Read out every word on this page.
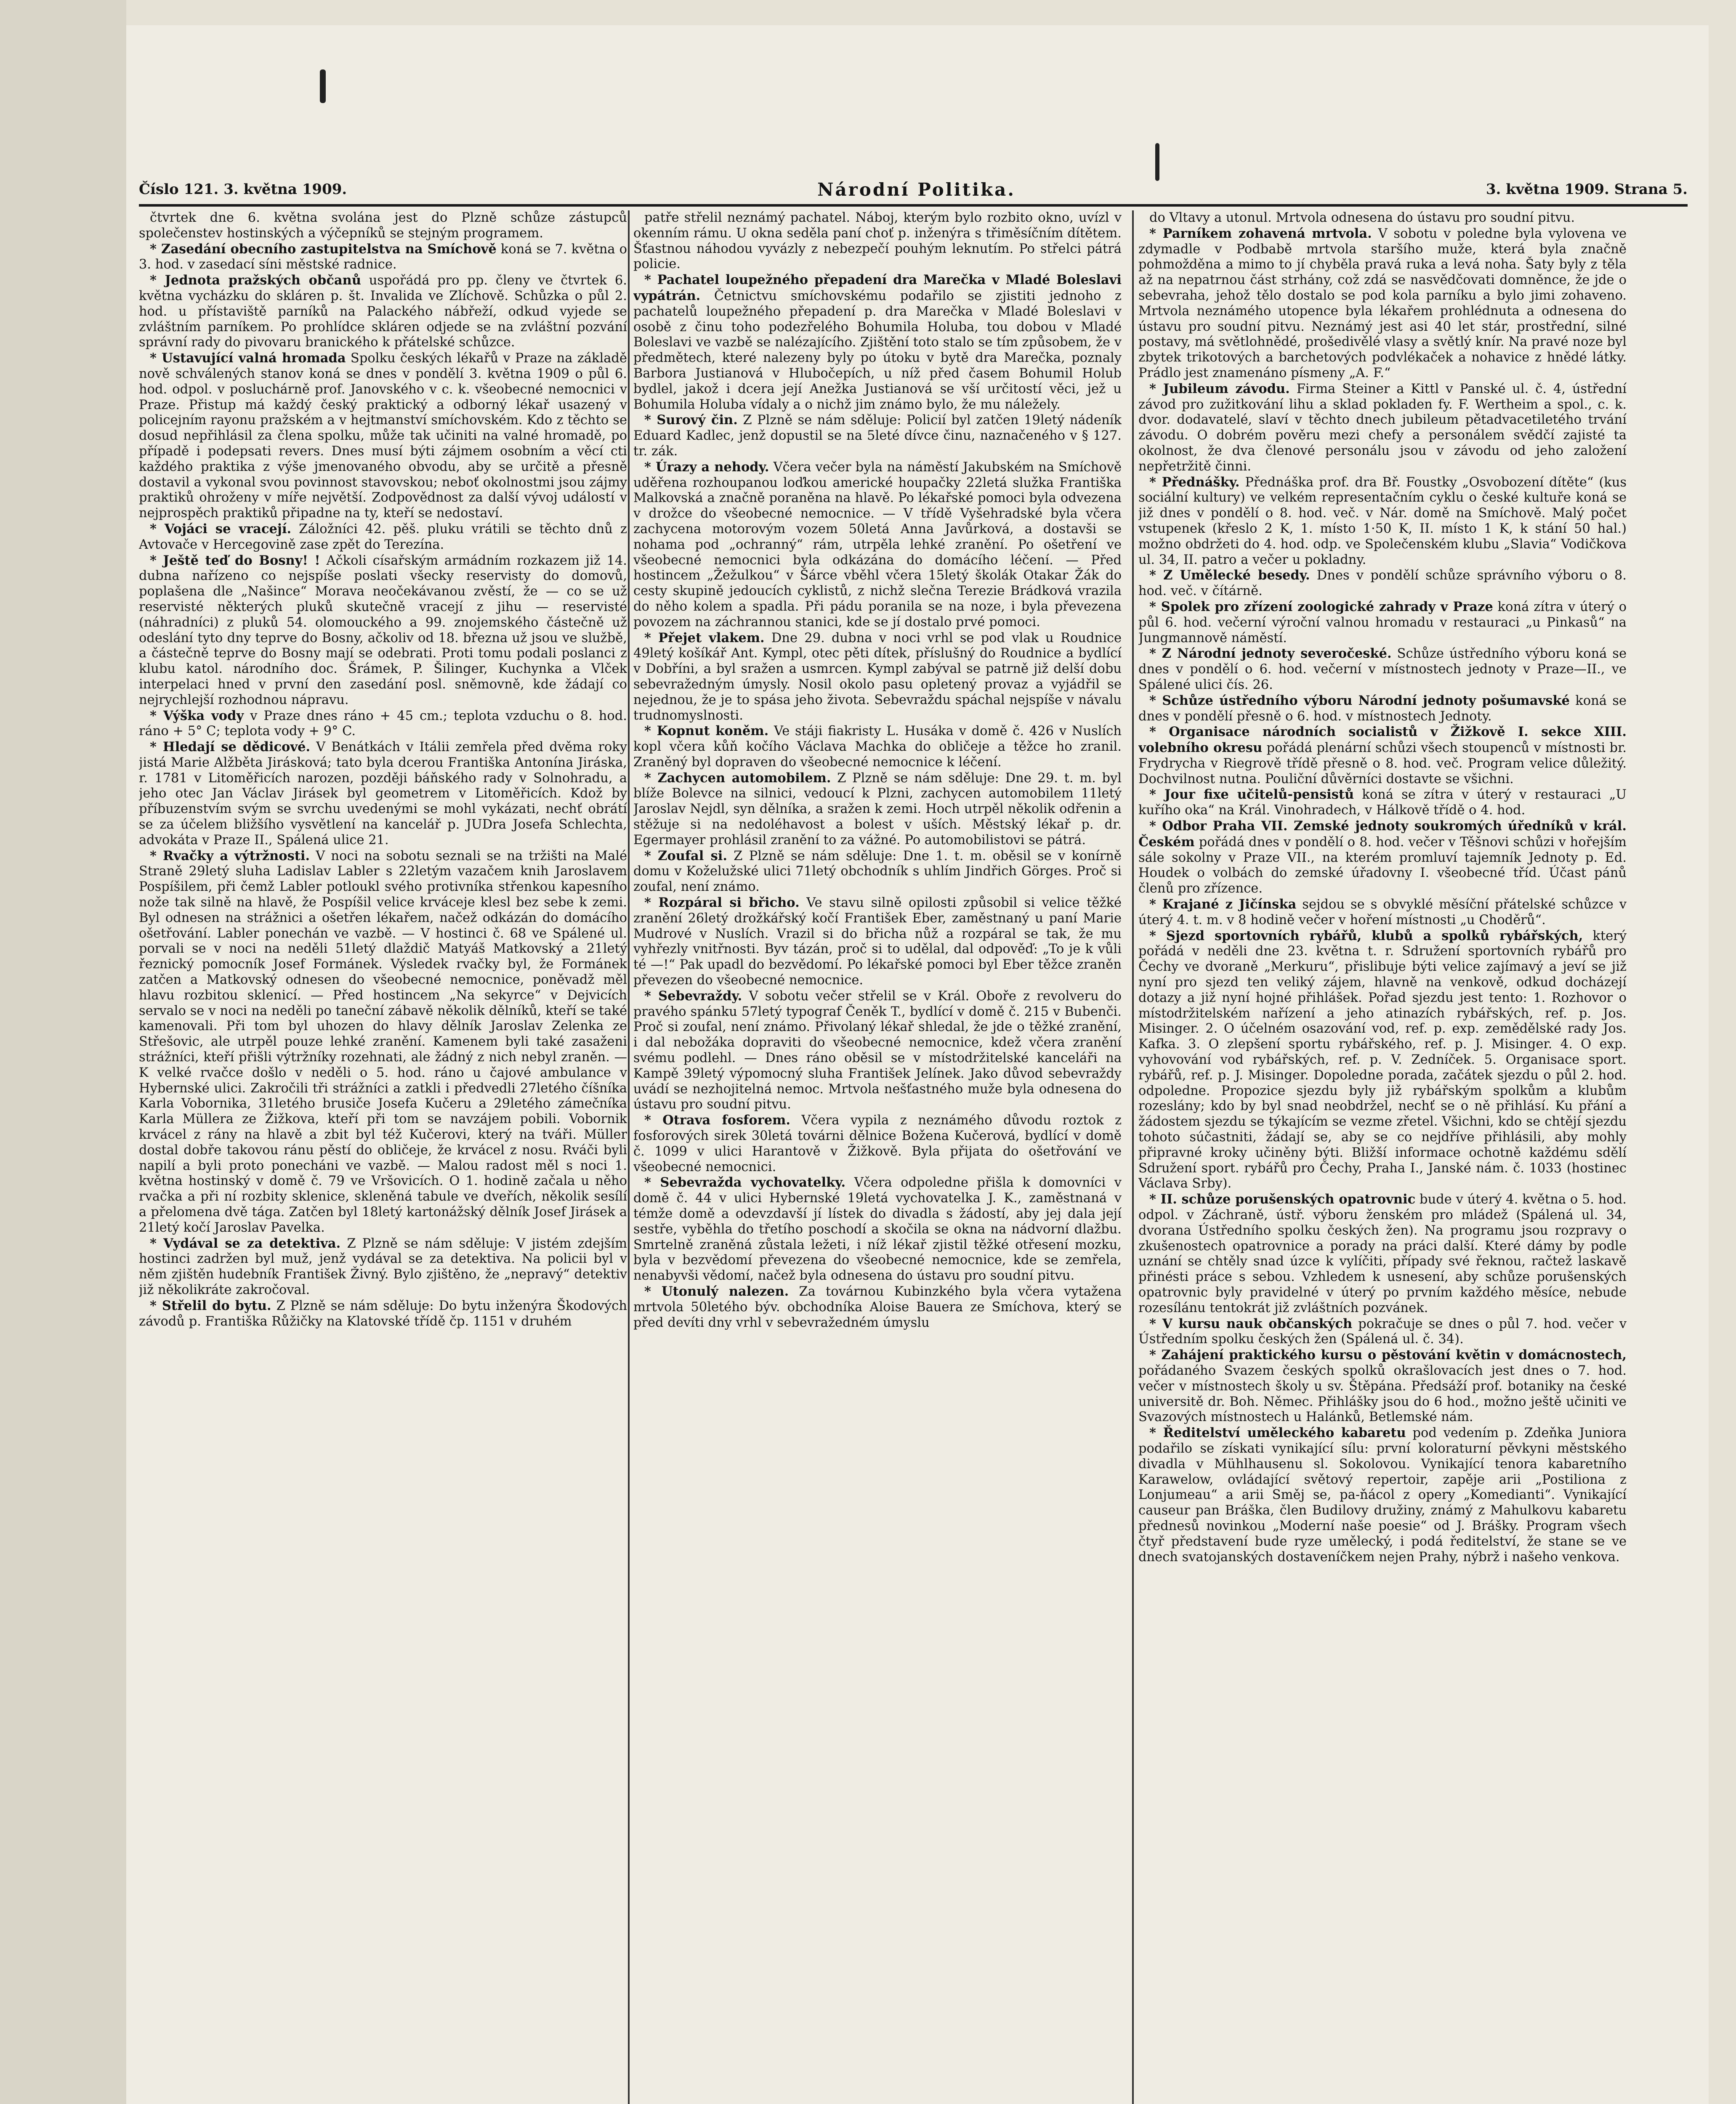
Číslo 121. 3. května 1909.	Národní Politika.	3. května 1909. Strana 5.

čtvrtek dne 6. května svolána jest do Plzně schůze zástupců společenstev hostinských a výčepníků se stejným programem.

* Zasedání obecního zastupitelstva na Smíchově koná se 7. května o 3. hod. v zasedací síni městské radnice.

* Jednota pražských občanů uspořádá pro pp. členy ve čtvrtek 6. května vycházku do skláren p. št. Invalida ve Zlíchově. Schůzka o půl 2. hod. u přístaviště parníků na Palackého nábřeží, odkud vyjede se zvláštním parníkem. Po prohlídce skláren odjede se na zvláštní pozvání správní rady do pivovaru branického k přátelské schůzce.

* Ustavující valná hromada Spolku českých lékařů v Praze na základě nově schválených stanov koná se dnes v pondělí 3. května 1909 o půl 6. hod. odpol. v posluchárně prof. Janovského v c. k. všeobecné nemocnici v Praze. Přistup má každý český praktický a odborný lékař usazený v policejním rayonu pražském a v hejtmanství smíchovském. Kdo z těchto se dosud nepřihlásil za člena spolku, může tak učiniti na valné hromadě, po případě i podepsati revers. Dnes musí býti zájmem osobním a věcí cti každého praktika z výše jmenovaného obvodu, aby se určitě a přesně dostavil a vykonal svou povinnost stavovskou; neboť okolnostmi jsou zájmy praktiků ohroženy v míře největší. Zodpovědnost za další vývoj událostí v nejprospěch praktiků připadne na ty, kteří se nedostaví.

* Vojáci se vracejí. Záložníci 42. pěš. pluku vrátili se těchto dnů z Avtovače v Hercegovině zase zpět do Terezína.

* Ještě teď do Bosny! ! Ačkoli císařským armádním rozkazem již 14. dubna nařízeno co nejspíše poslati všecky reservisty do domovů, poplašena dle „Našince“ Morava neočekávanou zvěstí, že — co se už reservisté některých pluků skutečně vracejí z jihu — reservisté (náhradníci) z pluků 54. olomouckého a 99. znojemského částečně už odeslání tyto dny teprve do Bosny, ačkoliv od 18. března už jsou ve službě, a částečně teprve do Bosny mají se odebrati. Proti tomu podali poslanci z klubu katol. národního doc. Šrámek, P. Šilinger, Kuchynka a Vlček interpelaci hned v první den zasedání posl. sněmovně, kde žádají co nejrychlejší rozhodnou nápravu.

* Výška vody v Praze dnes ráno + 45 cm.; teplota vzduchu o 8. hod. ráno + 5° C; teplota vody + 9° C.

* Hledají se dědicové. V Benátkách v Itálii zemřela před dvěma roky jistá Marie Alžběta Jirásková; tato byla dcerou Františka Antonína Jiráska, r. 1781 v Litoměřicích narozen, později báňského rady v Solnohradu, a jeho otec Jan Václav Jirásek byl geometrem v Litoměřicích. Kdož by příbuzenstvím svým se svrchu uvedenými se mohl vykázati, nechť obrátí se za účelem bližšího vysvětlení na kancelář p. JUDra Josefa Schlechta, advokáta v Praze II., Spálená ulice 21.

* Rvačky a výtržnosti. V noci na sobotu seznali se na tržišti na Malé Straně 29letý sluha Ladislav Labler s 22letým vazačem knih Jaroslavem Pospíšilem, při čemž Labler potloukl svého protivníka střenkou kapesního nože tak silně na hlavě, že Pospíšil velice krváceje klesl bez sebe k zemi. Byl odnesen na strážnici a ošetřen lékařem, načež odkázán do domácího ošetřování. Labler ponechán ve vazbě. — V hostinci č. 68 ve Spálené ul. porvali se v noci na neděli 51letý dlaždič Matyáš Matkovský a 21letý řeznický pomocník Josef Formánek. Výsledek rvačky byl, že Formánek zatčen a Matkovský odnesen do všeobecné nemocnice, poněvadž měl hlavu rozbitou sklenicí. — Před hostincem „Na sekyrce“ v Dejvicích servalo se v noci na neděli po taneční zábavě několik dělníků, kteří se také kamenovali. Při tom byl uhozen do hlavy dělník Jaroslav Zelenka ze Střešovic, ale utrpěl pouze lehké zranění. Kamenem byli také zasaženi strážníci, kteří přišli výtržníky rozehnati, ale žádný z nich nebyl zraněn. — K velké rvačce došlo v neděli o 5. hod. ráno u čajové ambulance v Hybernské ulici. Zakročili tři strážníci a zatkli i předvedli 27letého číšníka Karla Vobornika, 31letého brusiče Josefa Kučeru a 29letého zámečníka Karla Müllera ze Žižkova, kteří při tom se navzájem pobili. Vobornik krvácel z rány na hlavě a zbit byl též Kučerovi, který na tváři. Müller dostal dobře takovou ránu pěstí do obličeje, že krvácel z nosu. Rváči byli napilí a byli proto ponecháni ve vazbě. — Malou radost měl s noci 1. května hostinský v domě č. 79 ve Vršovicích. O 1. hodině začala u něho rvačka a při ní rozbity sklenice, skleněná tabule ve dveřích, několik sesílí a přelomena dvě tága. Zatčen byl 18letý kartonážský dělník Josef Jirásek a 21letý kočí Jaroslav Pavelka.

* Vydával se za detektiva. Z Plzně se nám sděluje: V jistém zdejším hostinci zadržen byl muž, jenž vydával se za detektiva. Na policii byl v něm zjištěn hudebník František Živný. Bylo zjištěno, že „nepravý“ detektiv již několikráte zakročoval.

* Střelil do bytu. Z Plzně se nám sděluje: Do bytu inženýra Škodových závodů p. Františka Růžičky na Klatovské třídě čp. 1151 v druhém

patře střelil neznámý pachatel. Náboj, kterým bylo rozbito okno, uvízl v okenním rámu. U okna seděla paní choť p. inženýra s třiměsíčním dítětem. Šťastnou náhodou vyvázly z nebezpečí pouhým leknutím. Po střelci pátrá policie.

* Pachatel loupežného přepadení dra Marečka v Mladé Boleslavi vypátrán. Četnictvu smíchovskému podařilo se zjistiti jednoho z pachatelů loupežného přepadení p. dra Marečka v Mladé Boleslavi v osobě z činu toho podezřelého Bohumila Holuba, tou dobou v Mladé Boleslavi ve vazbě se nalézajícího. Zjištění toto stalo se tím způsobem, že v předmětech, které nalezeny byly po útoku v bytě dra Marečka, poznaly Barbora Justianová v Hlubočepích, u níž před časem Bohumil Holub bydlel, jakož i dcera její Anežka Justianová se vší určitostí věci, jež u Bohumila Holuba vídaly a o nichž jim známo bylo, že mu náležely.

* Surový čin. Z Plzně se nám sděluje: Policií byl zatčen 19letý nádeník Eduard Kadlec, jenž dopustil se na 5leté dívce činu, naznačeného v § 127. tr. zák.

* Úrazy a nehody. Včera večer byla na náměstí Jakubském na Smíchově uděřena rozhoupanou loďkou americké houpačky 22letá služka Františka Malkovská a značně poraněna na hlavě. Po lékařské pomoci byla odvezena v drožce do všeobecné nemocnice. — V třídě Vyšehradské byla včera zachycena motorovým vozem 50letá Anna Javůrková, a dostavši se nohama pod „ochranný“ rám, utrpěla lehké zranění. Po ošetření ve všeobecné nemocnici byla odkázána do domácího léčení. — Před hostincem „Žežulkou“ v Šárce vběhl včera 15letý školák Otakar Žák do cesty skupině jedoucích cyklistů, z nichž slečna Terezie Brádková vrazila do něho kolem a spadla. Při pádu poranila se na noze, i byla převezena povozem na záchrannou stanici, kde se jí dostalo prvé pomoci.

* Přejet vlakem. Dne 29. dubna v noci vrhl se pod vlak u Roudnice 49letý košíkář Ant. Kympl, otec pěti dítek, příslušný do Roudnice a bydlící v Dobříni, a byl sražen a usmrcen. Kympl zabýval se patrně již delší dobu sebevražedným úmysly. Nosil okolo pasu opletený provaz a vyjádřil se nejednou, že je to spása jeho života. Sebevraždu spáchal nejspíše v návalu trudnomyslnosti.

* Kopnut koněm. Ve stáji fiakristy L. Husáka v domě č. 426 v Nuslích kopl včera kůň kočího Václava Machka do obličeje a těžce ho zranil. Zraněný byl dopraven do všeobecné nemocnice k léčení.

* Zachycen automobilem. Z Plzně se nám sděluje: Dne 29. t. m. byl blíže Bolevce na silnici, vedoucí k Plzni, zachycen automobilem 11letý Jaroslav Nejdl, syn dělníka, a sražen k zemi. Hoch utrpěl několik odřenin a stěžuje si na nedoléhavost a bolest v uších. Městský lékař p. dr. Egermayer prohlásil zranění to za vážné. Po automobilistovi se pátrá.

* Zoufal si. Z Plzně se nám sděluje: Dne 1. t. m. oběsil se v konírně domu v Koželužské ulici 71letý obchodník s uhlím Jindřich Görges. Proč si zoufal, není známo.

* Rozpáral si břicho. Ve stavu silně opilosti způsobil si velice těžké zranění 26letý drožkářský kočí František Eber, zaměstnaný u paní Marie Mudrové v Nuslích. Vrazil si do břicha nůž a rozpáral se tak, že mu vyhřezly vnitřnosti. Byv tázán, proč si to udělal, dal odpověď: „To je k vůli té —!“ Pak upadl do bezvědomí. Po lékařské pomoci byl Eber těžce zraněn převezen do všeobecné nemocnice.

* Sebevraždy. V sobotu večer střelil se v Král. Oboře z revolveru do pravého spánku 57letý typograf Čeněk T., bydlící v domě č. 215 v Bubenči. Proč si zoufal, není známo. Přivolaný lékař shledal, že jde o těžké zranění, i dal nebožáka dopraviti do všeobecné nemocnice, kdež včera zranění svému podlehl. — Dnes ráno oběsil se v místodržitelské kanceláři na Kampě 39letý výpomocný sluha František Jelínek. Jako důvod sebevraždy uvádí se nezhojitelná nemoc. Mrtvola nešťastného muže byla odnesena do ústavu pro soudní pitvu.

* Otrava fosforem. Včera vypila z neznámého důvodu roztok z fosforových sirek 30letá továrni dělnice Božena Kučerová, bydlící v domě č. 1099 v ulici Harantově v Žižkově. Byla přijata do ošetřování ve všeobecné nemocnici.

* Sebevražda vychovatelky. Včera odpoledne přišla k domovníci v domě č. 44 v ulici Hybernské 19letá vychovatelka J. K., zaměstnaná v témže domě a odevzdavší jí lístek do divadla s žádostí, aby jej dala její sestře, vyběhla do třetího poschodí a skočila se okna na nádvorní dlažbu. Smrtelně zraněná zůstala ležeti, i níž lékař zjistil těžké otřesení mozku, byla v bezvědomí převezena do všeobecné nemocnice, kde se zemřela, nenabyvši vědomí, načež byla odnesena do ústavu pro soudní pitvu.

* Utonulý nalezen. Za továrnou Kubinzkého byla včera vytažena mrtvola 50letého býv. obchodníka Aloise Bauera ze Smíchova, který se před devíti dny vrhl v sebevražedném úmyslu

do Vltavy a utonul. Mrtvola odnesena do ústavu pro soudní pitvu.

* Parníkem zohavená mrtvola. V sobotu v poledne byla vylovena ve zdymadle v Podbabě mrtvola staršího muže, která byla značně pohmožděna a mimo to jí chyběla pravá ruka a levá noha. Šaty byly z těla až na nepatrnou část strhány, což zdá se nasvědčovati domněnce, že jde o sebevraha, jehož tělo dostalo se pod kola parníku a bylo jimi zohaveno. Mrtvola neznámého utopence byla lékařem prohlédnuta a odnesena do ústavu pro soudní pitvu. Neznámý jest asi 40 let stár, prostřední, silné postavy, má světlohnědé, prošedivělé vlasy a světlý knír. Na pravé noze byl zbytek trikotových a barchetových podvlékaček a nohavice z hnědé látky. Prádlo jest znamenáno písmeny „A. F.“

* Jubileum závodu. Firma Steiner a Kittl v Panské ul. č. 4, ústřední závod pro zužitkování lihu a sklad pokladen fy. F. Wertheim a spol., c. k. dvor. dodavatelé, slaví v těchto dnech jubileum pětadvacetiletého trvání závodu. O dobrém pověru mezi chefy a personálem svědčí zajisté ta okolnost, že dva členové personálu jsou v závodu od jeho založení nepřetržitě činni.

* Přednášky. Přednáška prof. dra Bř. Foustky „Osvobození dítěte“ (kus sociální kultury) ve velkém representačním cyklu o české kultuře koná se již dnes v pondělí o 8. hod. več. v Nár. domě na Smíchově. Malý počet vstupenek (křeslo 2 K, 1. místo 1·50 K, II. místo 1 K, k stání 50 hal.) možno obdržeti do 4. hod. odp. ve Společenském klubu „Slavia“ Vodičkova ul. 34, II. patro a večer u pokladny.

* Z Umělecké besedy. Dnes v pondělí schůze správního výboru o 8. hod. več. v čítárně.

* Spolek pro zřízení zoologické zahrady v Praze koná zítra v úterý o půl 6. hod. večerní výroční valnou hromadu v restauraci „u Pinkasů“ na Jungmannově náměstí.

* Z Národní jednoty severočeské. Schůze ústředního výboru koná se dnes v pondělí o 6. hod. večerní v místnostech jednoty v Praze—II., ve Spálené ulici čís. 26.

* Schůze ústředního výboru Národní jednoty pošumavské koná se dnes v pondělí přesně o 6. hod. v místnostech Jednoty.

* Organisace národních socialistů v Žižkově I. sekce XIII. volebního okresu pořádá plenární schůzi všech stoupenců v místnosti br. Frydrycha v Riegrově třídě přesně o 8. hod. več. Program velice důležitý. Dochvilnost nutna. Pouliční důvěrníci dostavte se všichni.

* Jour fixe učitelů-pensistů koná se zítra v úterý v restauraci „U kuřího oka“ na Král. Vinohradech, v Hálkově třídě o 4. hod.

* Odbor Praha VII. Zemské jednoty soukromých úředníků v král. Českém pořádá dnes v pondělí o 8. hod. večer v Těšnovi schůzi v hořejším sále sokolny v Praze VII., na kterém promluví tajemník Jednoty p. Ed. Houdek o volbách do zemské úřadovny I. všeobecné tříd. Účast pánů členů pro zřízence.

* Krajané z Jičínska sejdou se s obvyklé měsíční přátelské schůzce v úterý 4. t. m. v 8 hodině večer v hoření místnosti „u Choděrů“.

* Sjezd sportovních rybářů, klubů a spolků rybářských, který pořádá v neděli dne 23. května t. r. Sdružení sportovních rybářů pro Čechy ve dvoraně „Merkuru“, přislibuje býti velice zajímavý a jeví se již nyní pro sjezd ten veliký zájem, hlavně na venkově, odkud docházejí dotazy a již nyní hojné přihlášek. Pořad sjezdu jest tento: 1. Rozhovor o místodržitelském nařízení a jeho atinazích rybářských, ref. p. Jos. Misinger. 2. O účelném osazování vod, ref. p. exp. zemědělské rady Jos. Kafka. 3. O zlepšení sportu rybářského, ref. p. J. Misinger. 4. O exp. vyhovování vod rybářských, ref. p. V. Zedníček. 5. Organisace sport. rybářů, ref. p. J. Misinger. Dopoledne porada, začátek sjezdu o půl 2. hod. odpoledne. Propozice sjezdu byly již rybářským spolkům a klubům rozeslány; kdo by byl snad neobdržel, nechť se o ně přihlásí. Ku přání a žádostem sjezdu se týkajícím se vezme zřetel. Všichni, kdo se chtějí sjezdu tohoto súčastniti, žádají se, aby se co nejdříve přihlásili, aby mohly připravné kroky učiněny býti. Bližší informace ochotně každému sdělí Sdružení sport. rybářů pro Čechy, Praha I., Janské nám. č. 1033 (hostinec Václava Srby).

* II. schůze porušenských opatrovnic bude v úterý 4. května o 5. hod. odpol. v Záchraně, ústř. výboru ženském pro mládež (Spálená ul. 34, dvorana Ústředního spolku českých žen). Na programu jsou rozpravy o zkušenostech opatrovnice a porady na práci další. Které dámy by podle uznání se chtěly snad úzce k vylíčiti, případy své řeknou, račtež laskavě přinésti práce s sebou. Vzhledem k usnesení, aby schůze porušenských opatrovnic byly pravidelné v úterý po prvním každého měsíce, nebude rozesílánu tentokrát již zvláštních pozvánek.

* V kursu nauk občanských pokračuje se dnes o půl 7. hod. večer v Ústředním spolku českých žen (Spálená ul. č. 34).

* Zahájení praktického kursu o pěstování květin v domácnostech, pořádaného Svazem českých spolků okrašlovacích jest dnes o 7. hod. večer v místnostech školy u sv. Štěpána. Předsáží prof. botaniky na české universitě dr. Boh. Němec. Přihlášky jsou do 6 hod., možno ještě učiniti ve Svazových místnostech u Halánků, Betlemské nám.

* Ředitelství uměleckého kabaretu pod vedením p. Zdeňka Juniora podařilo se získati vynikající sílu: první koloraturní pěvkyni městského divadla v Mühlhausenu sl. Sokolovou. Vynikající tenora kabaretního Karawelow, ovládající světový repertoir, zapěje arii „Postiliona z Lonjumeau“ a arii Směj se, pa-ňácol z opery „Komedianti“. Vynikající causeur pan Bráška, člen Budilovy družiny, známý z Mahulkovu kabaretu přednesů novinkou „Moderní naše poesie“ od J. Brášky. Program všech čtyř představení bude ryze umělecký, i podá ředitelství, že stane se ve dnech svatojanských dostaveníčkem nejen Prahy, nýbrž i našeho venkova.
